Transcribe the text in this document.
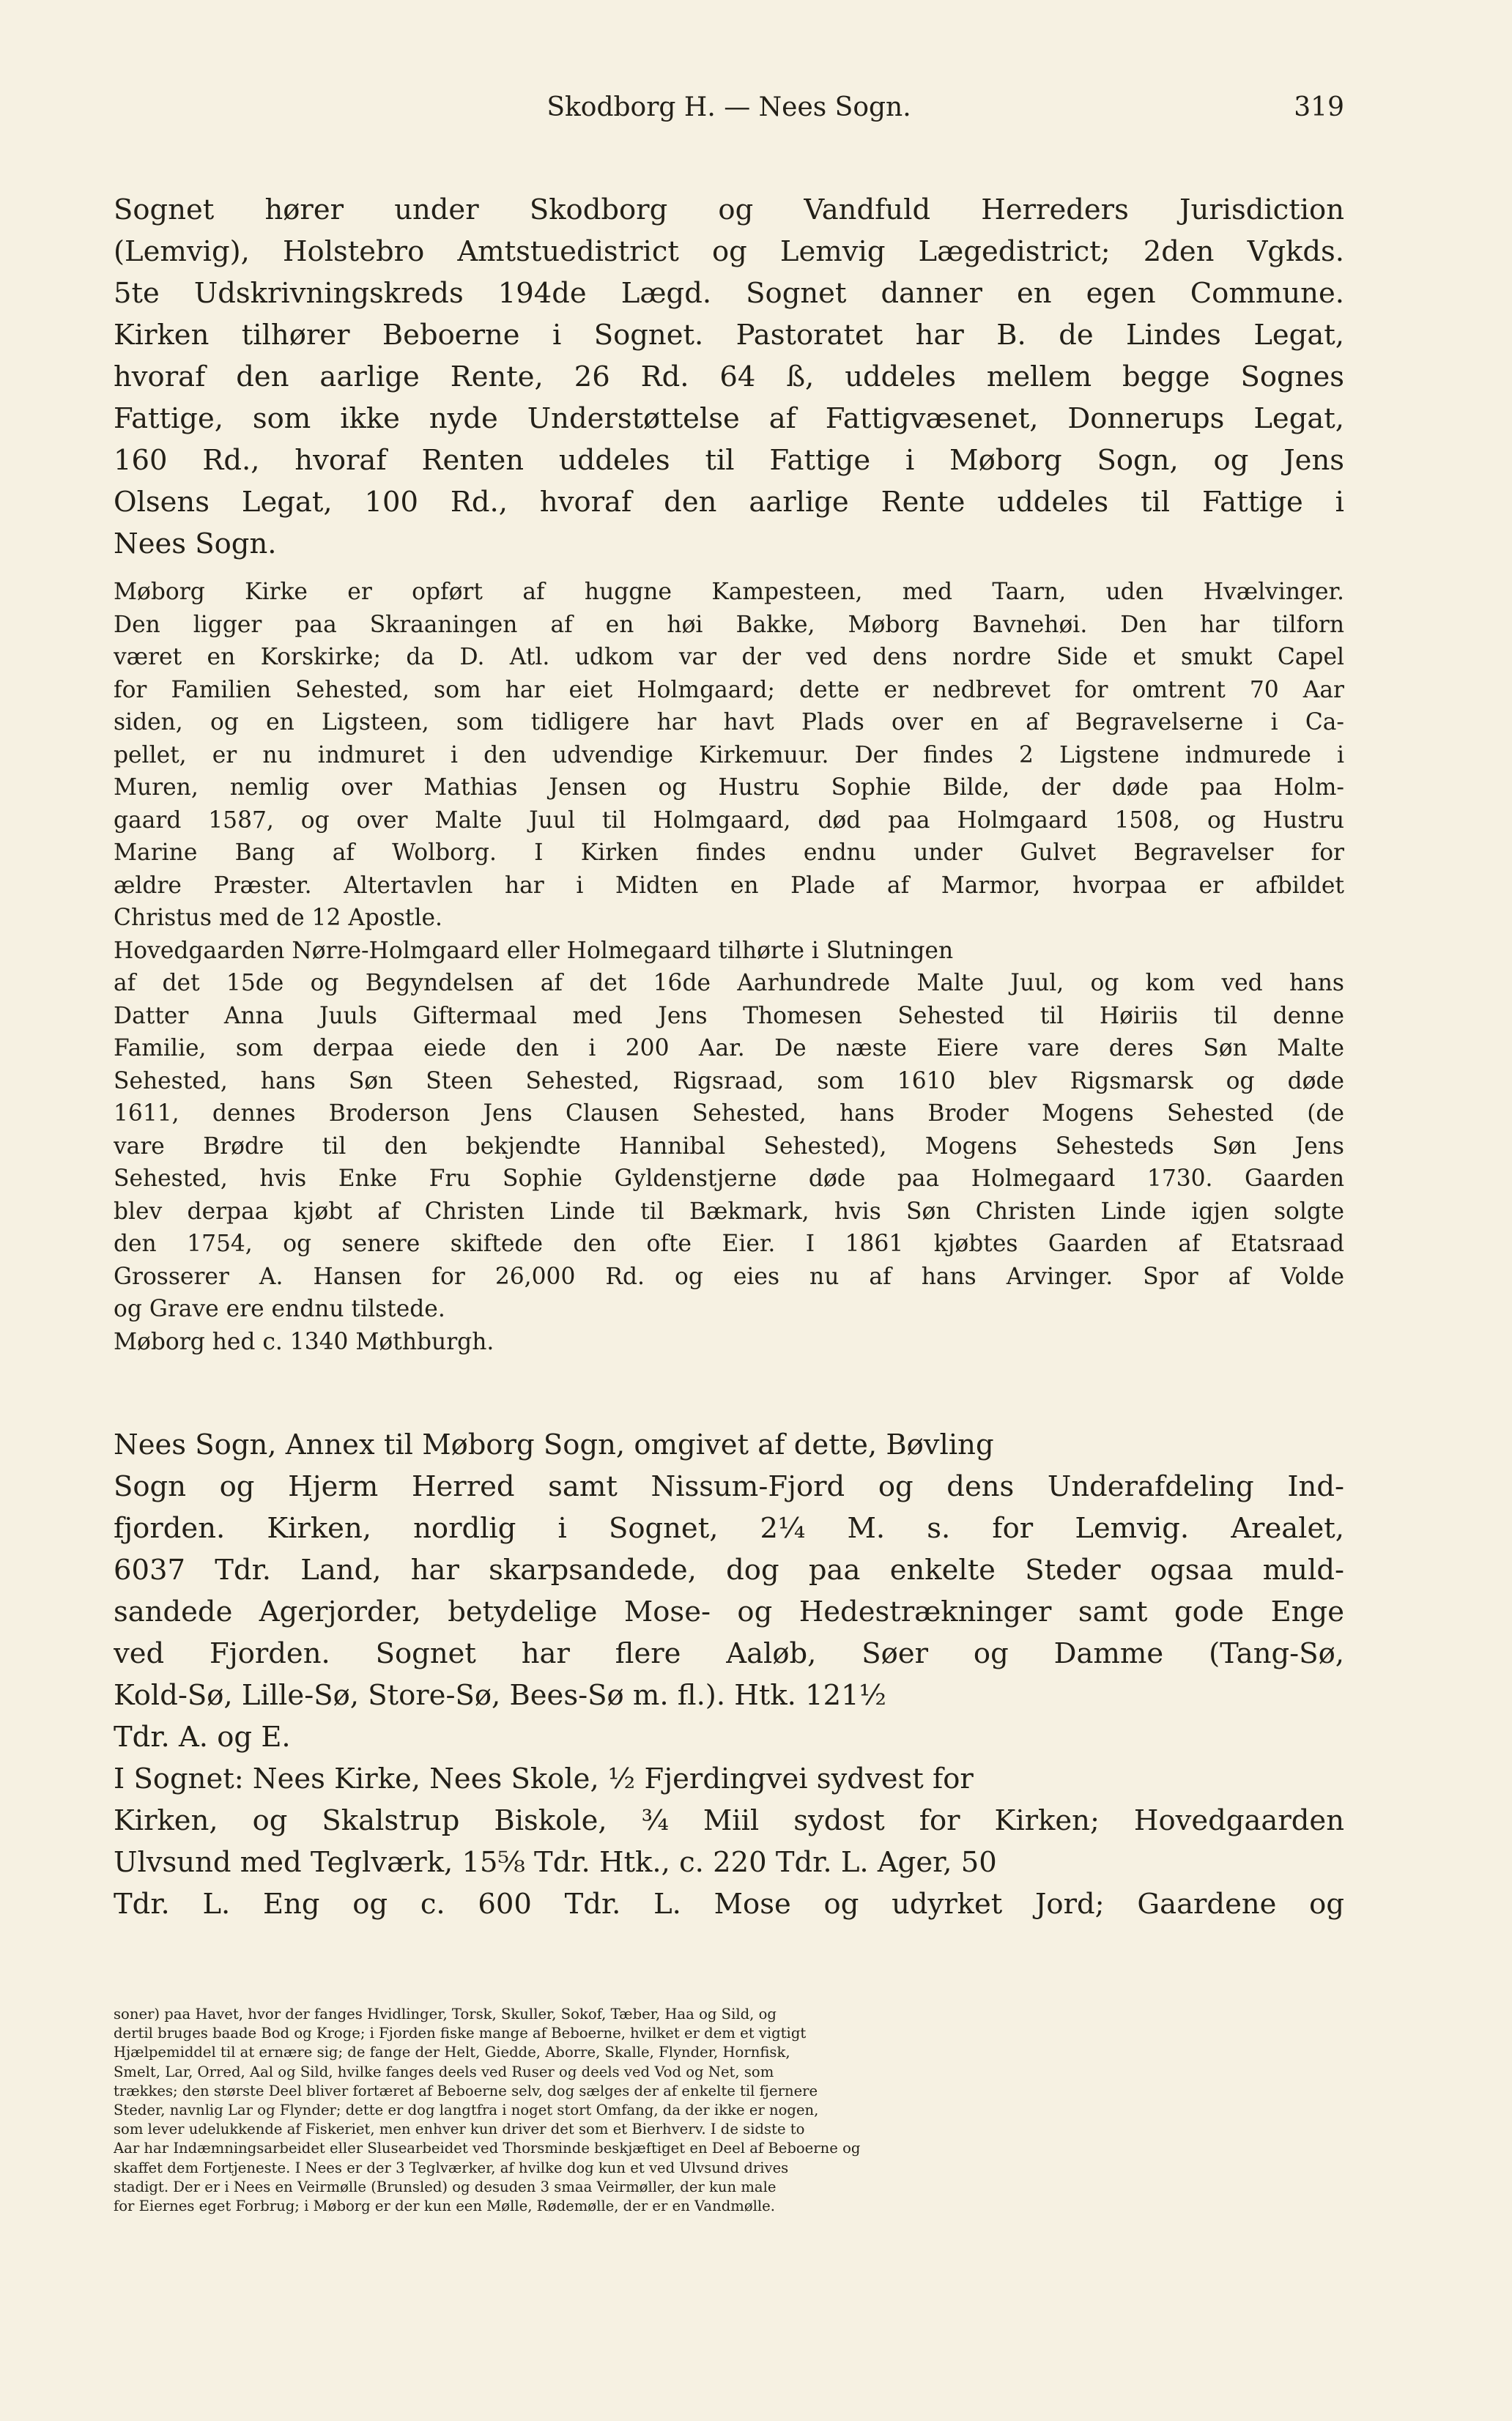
Skodborg H. — Nees Sogn.	319
Sognet hører under Skodborg og Vandfuld Herreders Jurisdiction
(Lemvig), Holstebro Amtstuedistrict og Lemvig Lægedistrict; 2den Vgkds.
5te Udskrivningskreds 194de Lægd. Sognet danner en egen Commune.
Kirken tilhører Beboerne i Sognet. Pastoratet har B. de Lindes Legat,
hvoraf den aarlige Rente, 26 Rd. 64 ß, uddeles mellem begge Sognes
Fattige, som ikke nyde Understøttelse af Fattigvæsenet, Donnerups Legat,
160 Rd., hvoraf Renten uddeles til Fattige i Møborg Sogn, og Jens
Olsens Legat, 100 Rd., hvoraf den aarlige Rente uddeles til Fattige i
Nees Sogn.
Møborg Kirke er opført af huggne Kampesteen, med Taarn, uden Hvælvinger.
Den ligger paa Skraaningen af en høi Bakke, Møborg Bavnehøi. Den har tilforn
været en Korskirke; da D. Atl. udkom var der ved dens nordre Side et smukt Capel
for Familien Sehested, som har eiet Holmgaard; dette er nedbrevet for omtrent 70 Aar
siden, og en Ligsteen, som tidligere har havt Plads over en af Begravelserne i Ca-
pellet, er nu indmuret i den udvendige Kirkemuur. Der findes 2 Ligstene indmurede i
Muren, nemlig over Mathias Jensen og Hustru Sophie Bilde, der døde paa Holm-
gaard 1587, og over Malte Juul til Holmgaard, død paa Holmgaard 1508, og Hustru
Marine Bang af Wolborg. I Kirken findes endnu under Gulvet Begravelser for
ældre Præster. Altertavlen har i Midten en Plade af Marmor, hvorpaa er afbildet
Christus med de 12 Apostle.
Hovedgaarden Nørre-Holmgaard eller Holmegaard tilhørte i Slutningen
af det 15de og Begyndelsen af det 16de Aarhundrede Malte Juul, og kom ved hans
Datter Anna Juuls Giftermaal med Jens Thomesen Sehested til Høiriis til denne
Familie, som derpaa eiede den i 200 Aar. De næste Eiere vare deres Søn Malte
Sehested, hans Søn Steen Sehested, Rigsraad, som 1610 blev Rigsmarsk og døde
1611, dennes Broderson Jens Clausen Sehested, hans Broder Mogens Sehested (de
vare Brødre til den bekjendte Hannibal Sehested), Mogens Sehesteds Søn Jens
Sehested, hvis Enke Fru Sophie Gyldenstjerne døde paa Holmegaard 1730. Gaarden
blev derpaa kjøbt af Christen Linde til Bækmark, hvis Søn Christen Linde igjen solgte
den 1754, og senere skiftede den ofte Eier. I 1861 kjøbtes Gaarden af Etatsraad
Grosserer A. Hansen for 26,000 Rd. og eies nu af hans Arvinger. Spor af Volde
og Grave ere endnu tilstede.
Møborg hed c. 1340 Møthburgh.
Nees Sogn, Annex til Møborg Sogn, omgivet af dette, Bøvling
Sogn og Hjerm Herred samt Nissum-Fjord og dens Underafdeling Ind-
fjorden. Kirken, nordlig i Sognet, 2¼ M. s. for Lemvig. Arealet,
6037 Tdr. Land, har skarpsandede, dog paa enkelte Steder ogsaa muld-
sandede Agerjorder, betydelige Mose- og Hedestrækninger samt gode Enge
ved Fjorden. Sognet har flere Aaløb, Søer og Damme (Tang-Sø,
Kold-Sø, Lille-Sø, Store-Sø, Bees-Sø m. fl.). Htk. 121½
Tdr. A. og E.
I Sognet: Nees Kirke, Nees Skole, ½ Fjerdingvei sydvest for
Kirken, og Skalstrup Biskole, ¾ Miil sydost for Kirken; Hovedgaarden
Ulvsund med Teglværk, 15⅝ Tdr. Htk., c. 220 Tdr. L. Ager, 50
Tdr. L. Eng og c. 600 Tdr. L. Mose og udyrket Jord; Gaardene og
soner) paa Havet, hvor der fanges Hvidlinger, Torsk, Skuller, Sokof, Tæber, Haa og Sild, og
dertil bruges baade Bod og Kroge; i Fjorden fiske mange af Beboerne, hvilket er dem et vigtigt
Hjælpemiddel til at ernære sig; de fange der Helt, Giedde, Aborre, Skalle, Flynder, Hornfisk,
Smelt, Lar, Orred, Aal og Sild, hvilke fanges deels ved Ruser og deels ved Vod og Net, som
trækkes; den største Deel bliver fortæret af Beboerne selv, dog sælges der af enkelte til fjernere
Steder, navnlig Lar og Flynder; dette er dog langtfra i noget stort Omfang, da der ikke er nogen,
som lever udelukkende af Fiskeriet, men enhver kun driver det som et Bierhverv. I de sidste to
Aar har Indæmningsarbeidet eller Slusearbeidet ved Thorsminde beskjæftiget en Deel af Beboerne og
skaffet dem Fortjeneste. I Nees er der 3 Teglværker, af hvilke dog kun et ved Ulvsund drives
stadigt. Der er i Nees en Veirmølle (Brunsled) og desuden 3 smaa Veirmøller, der kun male
for Eiernes eget Forbrug; i Møborg er der kun een Mølle, Rødemølle, der er en Vandmølle.
